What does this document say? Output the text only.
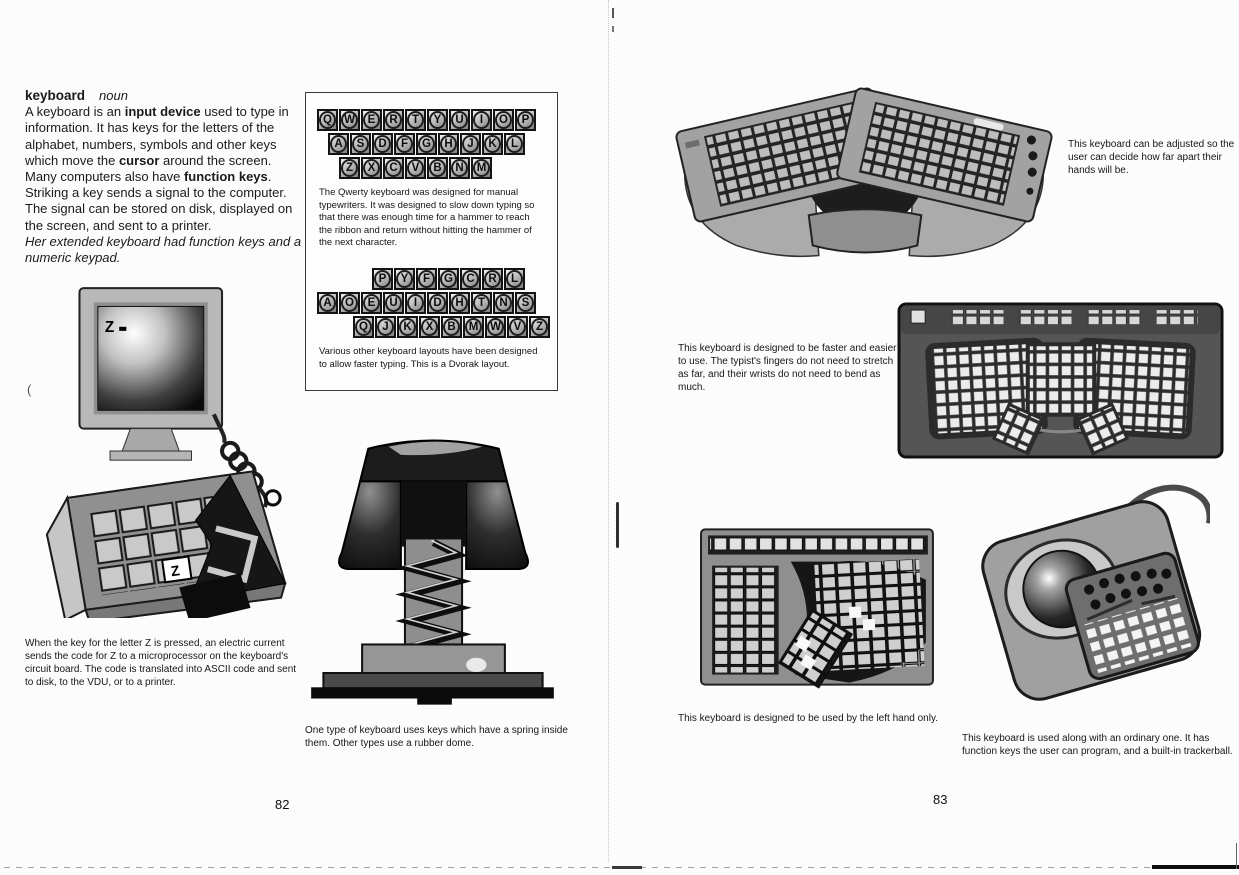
keyboard noun
A keyboard is an input device used to type in information. It has keys for the letters of the alphabet, numbers, symbols and other keys which move the cursor around the screen. Many computers also have function keys. Striking a key sends a signal to the computer. The signal can be stored on disk, displayed on the screen, and sent to a printer.
Her extended keyboard had function keys and a numeric keypad.
Q W E R T Y U I O P
A S D F G H J K L
Z X C V B N M

The Qwerty keyboard was designed for manual typewriters. It was designed to slow down typing so that there was enough time for a hammer to reach the ribbon and return without hitting the hammer of the next character.

P Y F G C R L
A O E U I D H T N S
Q J K X B M W V Z

Various other keyboard layouts have been designed to allow faster typing. This is a Dvorak layout.

Z
Z

When the key for the letter Z is pressed, an electric current sends the code for Z to a microprocessor on the keyboard's circuit board. The code is translated into ASCII code and sent to disk, to the VDU, or to a printer.

One type of keyboard uses keys which have a spring inside them. Other types use a rubber dome.

82

This keyboard can be adjusted so the user can decide how far apart their hands will be.

This keyboard is designed to be faster and easier to use. The typist's fingers do not need to stretch as far, and their wrists do not need to bend as much.

This keyboard is designed to be used by the left hand only.

This keyboard is used along with an ordinary one. It has function keys the user can program, and a built-in trackerball.

83
(
